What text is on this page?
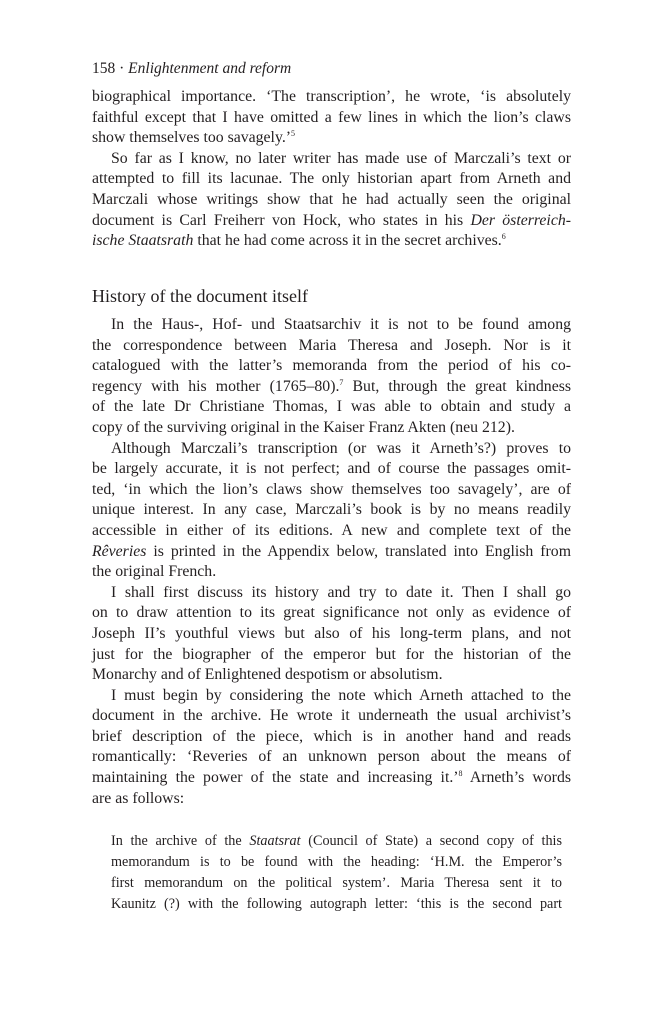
158 · Enlightenment and reform
biographical importance. ‘The transcription’, he wrote, ‘is absolutely
faithful except that I have omitted a few lines in which the lion’s claws
show themselves too savagely.’$^5$
So far as I know, no later writer has made use of Marczali’s text or
attempted to fill its lacunae. The only historian apart from Arneth and
Marczali whose writings show that he had actually seen the original
document is Carl Freiherr von Hock, who states in his Der österreich-
ische Staatsrath that he had come across it in the secret archives.$^6$
History of the document itself
In the Haus-, Hof- und Staatsarchiv it is not to be found among
the correspondence between Maria Theresa and Joseph. Nor is it
catalogued with the latter’s memoranda from the period of his co-
regency with his mother (1765–80).$^7$ But, through the great kindness
of the late Dr Christiane Thomas, I was able to obtain and study a
copy of the surviving original in the Kaiser Franz Akten (neu 212).
Although Marczali’s transcription (or was it Arneth’s?) proves to
be largely accurate, it is not perfect; and of course the passages omit-
ted, ‘in which the lion’s claws show themselves too savagely’, are of
unique interest. In any case, Marczali’s book is by no means readily
accessible in either of its editions. A new and complete text of the
Rêveries is printed in the Appendix below, translated into English from
the original French.
I shall first discuss its history and try to date it. Then I shall go
on to draw attention to its great significance not only as evidence of
Joseph II’s youthful views but also of his long-term plans, and not
just for the biographer of the emperor but for the historian of the
Monarchy and of Enlightened despotism or absolutism.
I must begin by considering the note which Arneth attached to the
document in the archive. He wrote it underneath the usual archivist’s
brief description of the piece, which is in another hand and reads
romantically: ‘Reveries of an unknown person about the means of
maintaining the power of the state and increasing it.’$^8$ Arneth’s words
are as follows:
In the archive of the Staatsrat (Council of State) a second copy of this
memorandum is to be found with the heading: ‘H.M. the Emperor’s
first memorandum on the political system’. Maria Theresa sent it to
Kaunitz (?) with the following autograph letter: ‘this is the second part
